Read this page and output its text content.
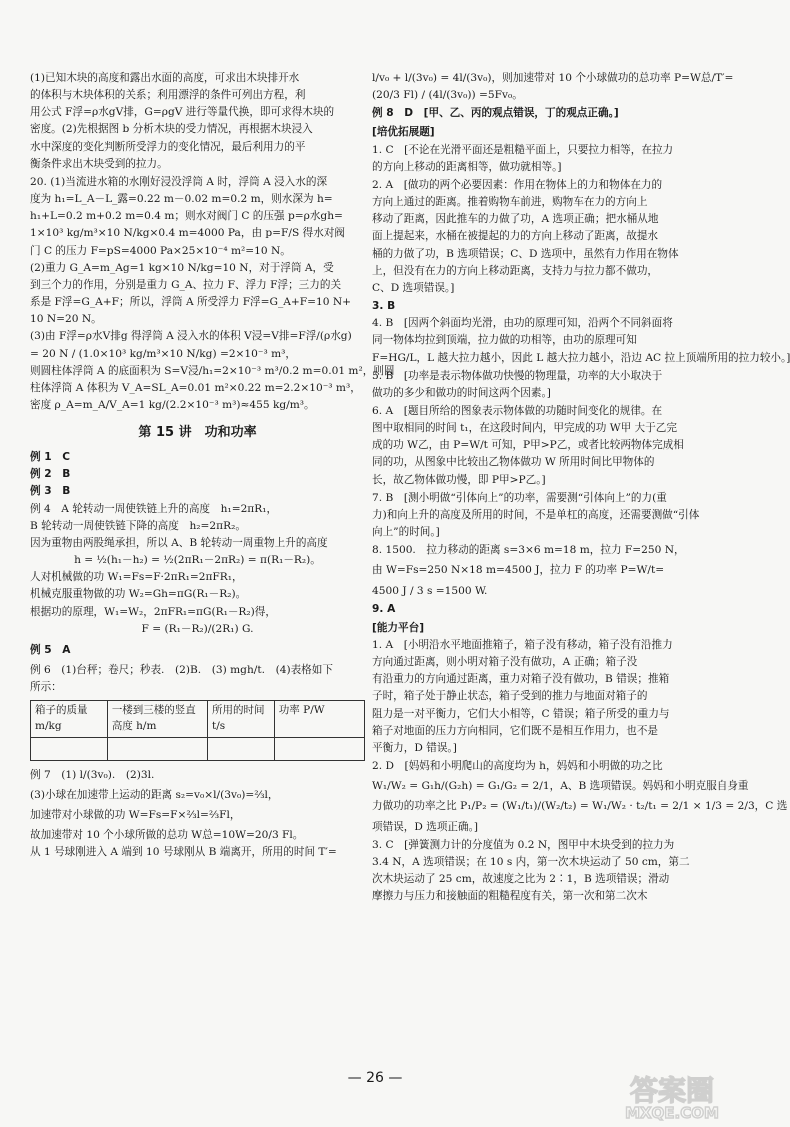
(1)已知木块的高度和露出水面的高度，可求出木块排开水
的体积与木块体积的关系；利用漂浮的条件可列出方程，利
用公式 F浮=ρ水gV排，G=ρgV 进行等量代换，即可求得木块的
密度。(2)先根据图 b 分析木块的受力情况，再根据木块浸入
水中深度的变化判断所受浮力的变化情况，最后利用力的平
衡条件求出木块受到的拉力。
20. (1)当流进水箱的水刚好浸没浮筒 A 时，浮筒 A 浸入水的深
度为 h₁=L_A－L_露=0.22 m－0.02 m=0.2 m，则水深为 h=
h₁+L=0.2 m+0.2 m=0.4 m；则水对阀门 C 的压强 p=ρ水gh=
1×10³ kg/m³×10 N/kg×0.4 m=4000 Pa，由 p=F/S 得水对阀
门 C 的压力 F=pS=4000 Pa×25×10⁻⁴ m²=10 N。
(2)重力 G_A=m_Ag=1 kg×10 N/kg=10 N，对于浮筒 A，受
到三个力的作用，分别是重力 G_A、拉力 F、浮力 F浮；三力的关
系是 F浮=G_A+F；所以，浮筒 A 所受浮力 F浮=G_A+F=10 N+
10 N=20 N。
(3)由 F浮=ρ水V排g 得浮筒 A 浸入水的体积 V浸=V排=F浮/(ρ水g)
= 20 N / (1.0×10³ kg/m³×10 N/kg) =2×10⁻³ m³，
则圆柱体浮筒 A 的底面积为 S=V浸/h₁=2×10⁻³ m³/0.2 m=0.01 m²，则圆
柱体浮筒 A 体积为 V_A=SL_A=0.01 m²×0.22 m=2.2×10⁻³ m³，
密度 ρ_A=m_A/V_A=1 kg/(2.2×10⁻³ m³)≈455 kg/m³。
第 15 讲　功和功率
例 1　C
例 2　B
例 3　B
例 4　A 轮转动一周使铁链上升的高度　h₁=2πR₁，
B 轮转动一周使铁链下降的高度　h₂=2πR₂。
因为重物由两股绳承担，所以 A、B 轮转动一周重物上升的高度
h = ½(h₁－h₂) = ½(2πR₁－2πR₂) = π(R₁－R₂)。
人对机械做的功 W₁=Fs=F·2πR₁=2πFR₁，
机械克服重物做的功 W₂=Gh=πG(R₁－R₂)。
根据功的原理，W₁=W₂，2πFR₁=πG(R₁－R₂)得，
F = (R₁－R₂)/(2R₁) G.
例 5　A
例 6　(1)台秤；卷尺；秒表.　(2)B.　(3) mgh/t.　(4)表格如下
所示：
箱子的质量 m/kg	一楼到三楼的竖直高度 h/m	所用的时间 t/s	功率 P/W

例 7　(1) l/(3v₀).　(2)3l.
(3)小球在加速带上运动的距离 s₂=v₀×l/(3v₀)=⅔l，
加速带对小球做的功 W=Fs=F×⅔l=⅔Fl，
故加速带对 10 个小球所做的总功 W总=10W=20/3 Fl。
从 1 号球刚进入 A 端到 10 号球刚从 B 端离开，所用的时间 T′=
l/v₀ + l/(3v₀) = 4l/(3v₀)，则加速带对 10 个小球做功的总功率 P=W总/T′=
(20/3 Fl) / (4l/(3v₀)) =5Fv₀。
例 8　D　[甲、乙、丙的观点错误，丁的观点正确。]
[培优拓展题]
1. C　[不论在光滑平面还是粗糙平面上，只要拉力相等，在拉力
的方向上移动的距离相等，做功就相等。]
2. A　[做功的两个必要因素：作用在物体上的力和物体在力的
方向上通过的距离。推着购物车前进，购物车在力的方向上
移动了距离，因此推车的力做了功，A 选项正确；把水桶从地
面上提起来，水桶在被提起的力的方向上移动了距离，故提水
桶的力做了功，B 选项错误；C、D 选项中，虽然有力作用在物体
上，但没有在力的方向上移动距离，支持力与拉力都不做功，
C、D 选项错误。]
3. B
4. B　[因两个斜面均光滑，由功的原理可知，沿两个不同斜面将
同一物体均拉到顶端，拉力做的功相等，由功的原理可知
F=HG/L，L 越大拉力越小，因此 L 越大拉力越小，沿边 AC 拉上顶端所用的拉力较小。]
5. B　[功率是表示物体做功快慢的物理量，功率的大小取决于
做功的多少和做功的时间这两个因素。]
6. A　[题目所给的图象表示物体做的功随时间变化的规律。在
图中取相同的时间 t₁，在这段时间内，甲完成的功 W甲 大于乙完
成的功 W乙，由 P=W/t 可知，P甲>P乙，或者比较两物体完成相
同的功，从图象中比较出乙物体做功 W 所用时间比甲物体的
长，故乙物体做功慢，即 P甲>P乙。]
7. B　[测小明做“引体向上”的功率，需要测“引体向上”的力(重
力)和向上升的高度及所用的时间，不是单杠的高度，还需要测做“引体
向上”的时间。]
8. 1500.　拉力移动的距离 s=3×6 m=18 m，拉力 F=250 N，
由 W=Fs=250 N×18 m=4500 J，拉力 F 的功率 P=W/t=
4500 J / 3 s =1500 W.
9. A
[能力平台]
1. A　[小明沿水平地面推箱子，箱子没有移动，箱子没有沿推力
方向通过距离，则小明对箱子没有做功，A 正确；箱子没
有沿重力的方向通过距离，重力对箱子没有做功，B 错误；推箱
子时，箱子处于静止状态，箱子受到的推力与地面对箱子的
阻力是一对平衡力，它们大小相等，C 错误；箱子所受的重力与
箱子对地面的压力方向相同，它们既不是相互作用力，也不是
平衡力，D 错误。]
2. D　[妈妈和小明爬山的高度均为 h，妈妈和小明做的功之比
W₁/W₂ = G₁h/(G₂h) = G₁/G₂ = 2/1，A、B 选项错误。妈妈和小明克服自身重
力做功的功率之比 P₁/P₂ = (W₁/t₁)/(W₂/t₂) = W₁/W₂ · t₂/t₁ = 2/1 × 1/3 = 2/3，C 选
项错误，D 选项正确。]
3. C　[弹簧测力计的分度值为 0.2 N，图甲中木块受到的拉力为
3.4 N，A 选项错误；在 10 s 内，第一次木块运动了 50 cm，第二
次木块运动了 25 cm，故速度之比为 2∶1，B 选项错误；滑动
摩擦力与压力和接触面的粗糙程度有关，第一次和第二次木
— 26 —	答案圈
MXQE.COM
